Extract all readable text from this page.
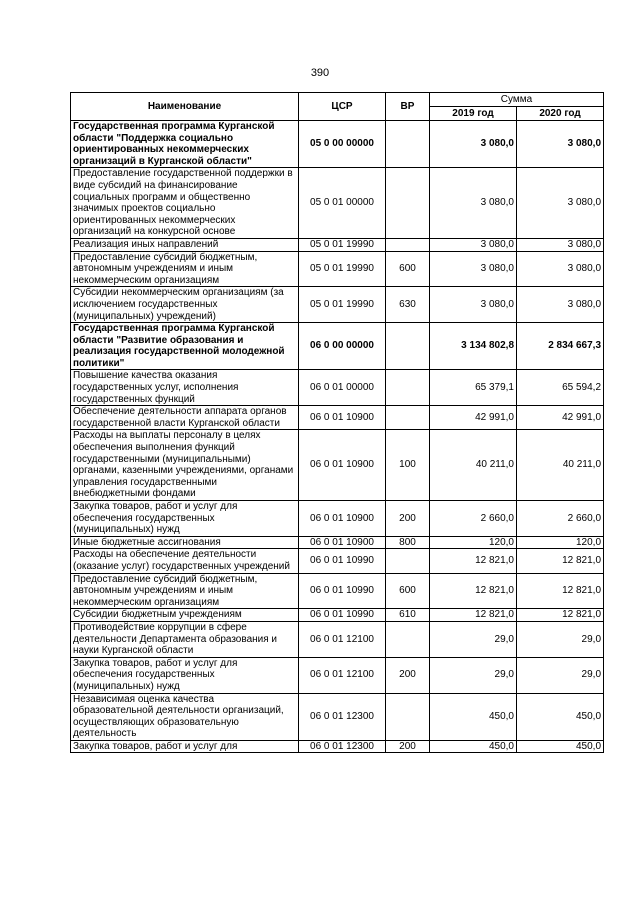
390
Наименование	ЦСР	ВР	Сумма	
			2019 год	2020 год
Государственная программа Курганской области "Поддержка социально ориентированных некоммерческих организаций в Курганской области"	05 0 00 00000		3 080,0	3 080,0
Предоставление государственной поддержки в виде субсидий на финансирование социальных программ и общественно значимых проектов социально ориентированных некоммерческих организаций на конкурсной основе	05 0 01 00000		3 080,0	3 080,0
Реализация иных направлений	05 0 01 19990		3 080,0	3 080,0
Предоставление субсидий бюджетным, автономным учреждениям и иным некоммерческим организациям	05 0 01 19990	600	3 080,0	3 080,0
Субсидии некоммерческим организациям (за исключением государственных (муниципальных) учреждений)	05 0 01 19990	630	3 080,0	3 080,0
Государственная программа Курганской области "Развитие образования и реализация государственной молодежной политики"	06 0 00 00000		3 134 802,8	2 834 667,3
Повышение качества оказания государственных услуг, исполнения государственных функций	06 0 01 00000		65 379,1	65 594,2
Обеспечение деятельности аппарата органов государственной власти Курганской области	06 0 01 10900		42 991,0	42 991,0
Расходы на выплаты персоналу в целях обеспечения выполнения функций государственными (муниципальными) органами, казенными учреждениями, органами управления государственными внебюджетными фондами	06 0 01 10900	100	40 211,0	40 211,0
Закупка товаров, работ и услуг для обеспечения государственных (муниципальных) нужд	06 0 01 10900	200	2 660,0	2 660,0
Иные бюджетные ассигнования	06 0 01 10900	800	120,0	120,0
Расходы на обеспечение деятельности (оказание услуг) государственных учреждений	06 0 01 10990		12 821,0	12 821,0
Предоставление субсидий бюджетным, автономным учреждениям и иным некоммерческим организациям	06 0 01 10990	600	12 821,0	12 821,0
Субсидии бюджетным учреждениям	06 0 01 10990	610	12 821,0	12 821,0
Противодействие коррупции в сфере деятельности Департамента образования и науки Курганской области	06 0 01 12100		29,0	29,0
Закупка товаров, работ и услуг для обеспечения государственных (муниципальных) нужд	06 0 01 12100	200	29,0	29,0
Независимая оценка качества образовательной деятельности организаций, осуществляющих образовательную деятельность	06 0 01 12300		450,0	450,0
Закупка товаров, работ и услуг для	06 0 01 12300	200	450,0	450,0
